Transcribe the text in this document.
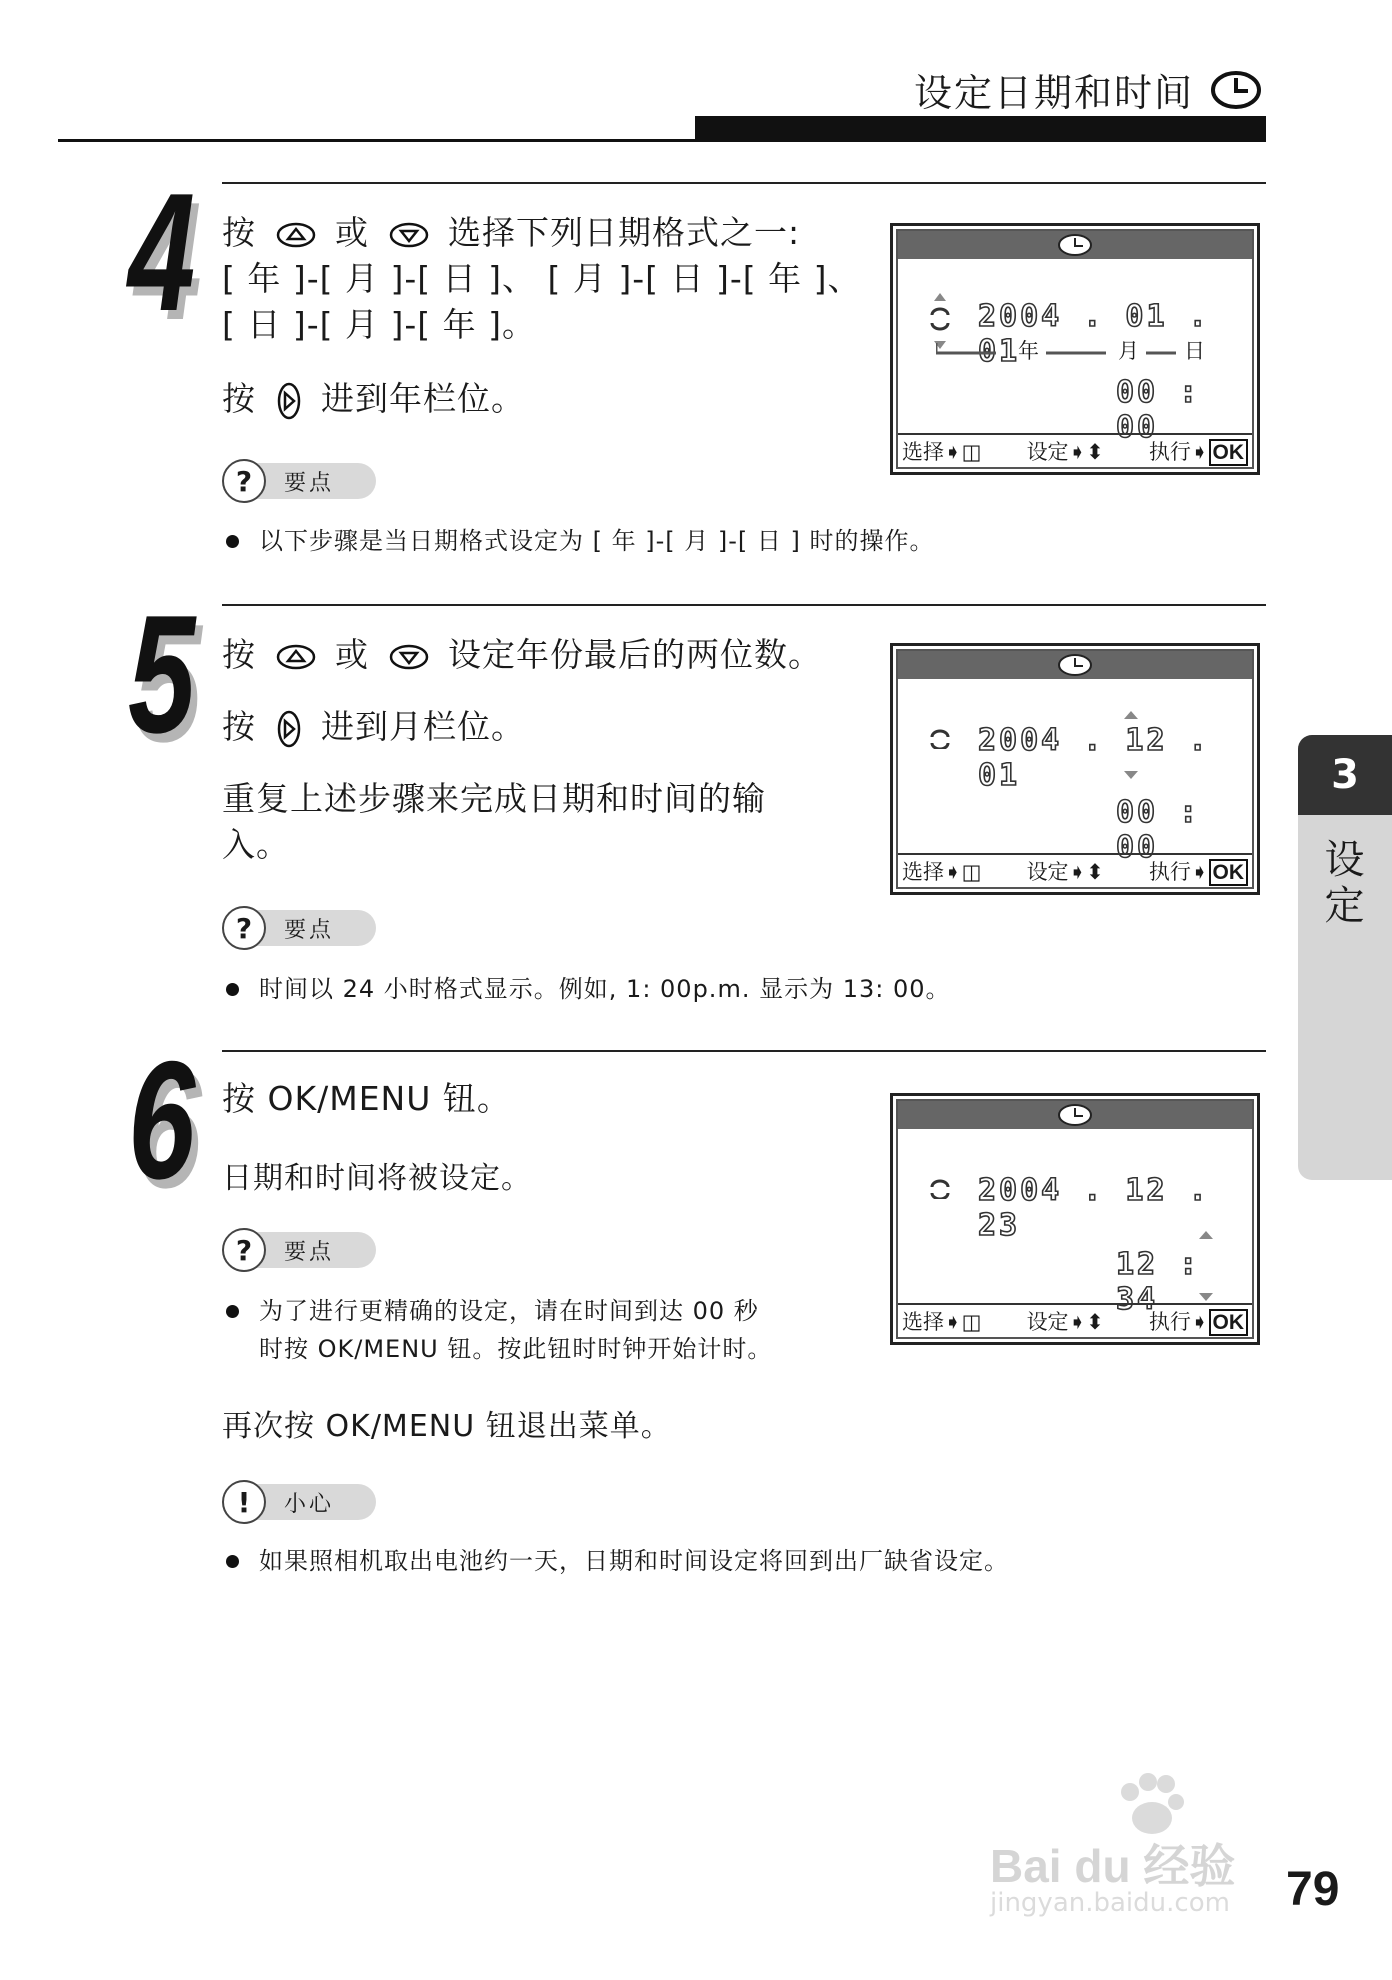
设定日期和时间
4 按 或 选择下列日期格式之一:
[ 年 ]-[ 月 ]-[ 日 ]、 [ 月 ]-[ 日 ]-[ 年 ]、
[ 日 ]-[ 月 ]-[ 年 ]。
按 进到年栏位。
?	要点
以下步骤是当日期格式设定为 [ 年 ]-[ 月 ]-[ 日 ] 时的操作。
2004 . 01 . 01
年	月 日
00 : 00
选择➧◫ 设定➧⬍ 执行➧ OK
5 按 或 设定年份最后的两位数。
按 进到月栏位。
重复上述步骤来完成日期和时间的输
入。
?	要点
时间以 24 小时格式显示。例如, 1: 00p.m. 显示为 13: 00。
2004 . 12 . 01
00 : 00
选择➧◫ 设定➧⬍ 执行➧ OK
6 按 OK/MENU 钮。
日期和时间将被设定。
?	要点
为了进行更精确的设定，请在时间到达 00 秒
时按 OK/MENU 钮。按此钮时时钟开始计时。
再次按 OK/MENU 钮退出菜单。
!	小心
如果照相机取出电池约一天，日期和时间设定将回到出厂缺省设定。
2004 . 12 . 23
12 : 34
选择➧◫ 设定➧⬍ 执行➧ OK
3
设定
Bai du 经验
jingyan.baidu.com 79
